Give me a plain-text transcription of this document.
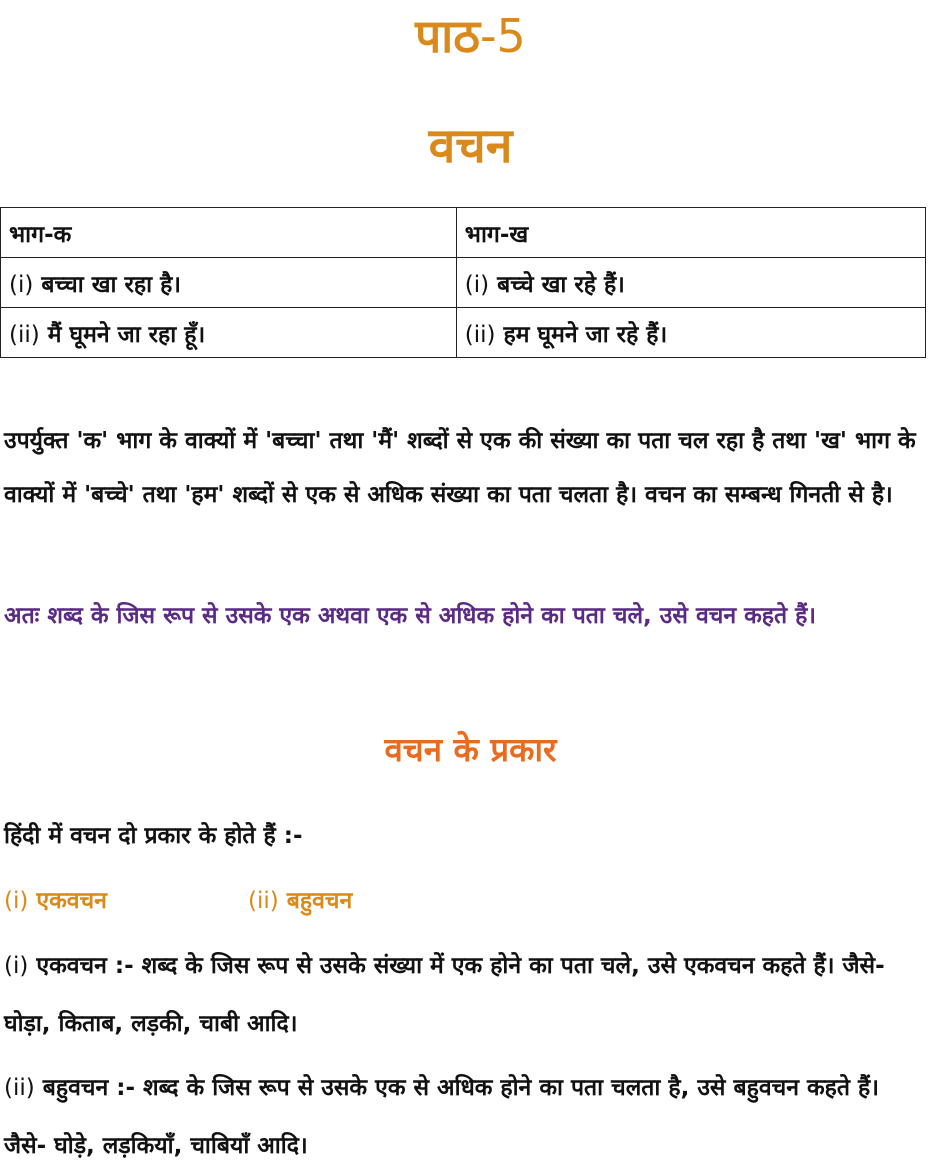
पाठ-5
वचन
भाग-क	भाग-ख
(i) बच्चा खा रहा है।	(i) बच्चे खा रहे हैं।
(ii) मैं घूमने जा रहा हूँ।	(ii) हम घूमने जा रहे हैं।
उपर्युक्त 'क' भाग के वाक्यों में 'बच्चा' तथा 'मैं' शब्दों से एक की संख्या का पता चल रहा है तथा 'ख' भाग के वाक्यों में 'बच्चे' तथा 'हम' शब्दों से एक से अधिक संख्या का पता चलता है। वचन का सम्बन्ध गिनती से है।
अतः शब्द के जिस रूप से उसके एक अथवा एक से अधिक होने का पता चले, उसे वचन कहते हैं।
वचन के प्रकार
हिंदी में वचन दो प्रकार के होते हैं :-
(i) एकवचन	(ii) बहुवचन
(i) एकवचन :- शब्द के जिस रूप से उसके संख्या में एक होने का पता चले, उसे एकवचन कहते हैं। जैसे- घोड़ा, किताब, लड़की, चाबी आदि।
(ii) बहुवचन :- शब्द के जिस रूप से उसके एक से अधिक होने का पता चलता है, उसे बहुवचन कहते हैं। जैसे- घोड़े, लड़कियाँ, चाबियाँ आदि।
